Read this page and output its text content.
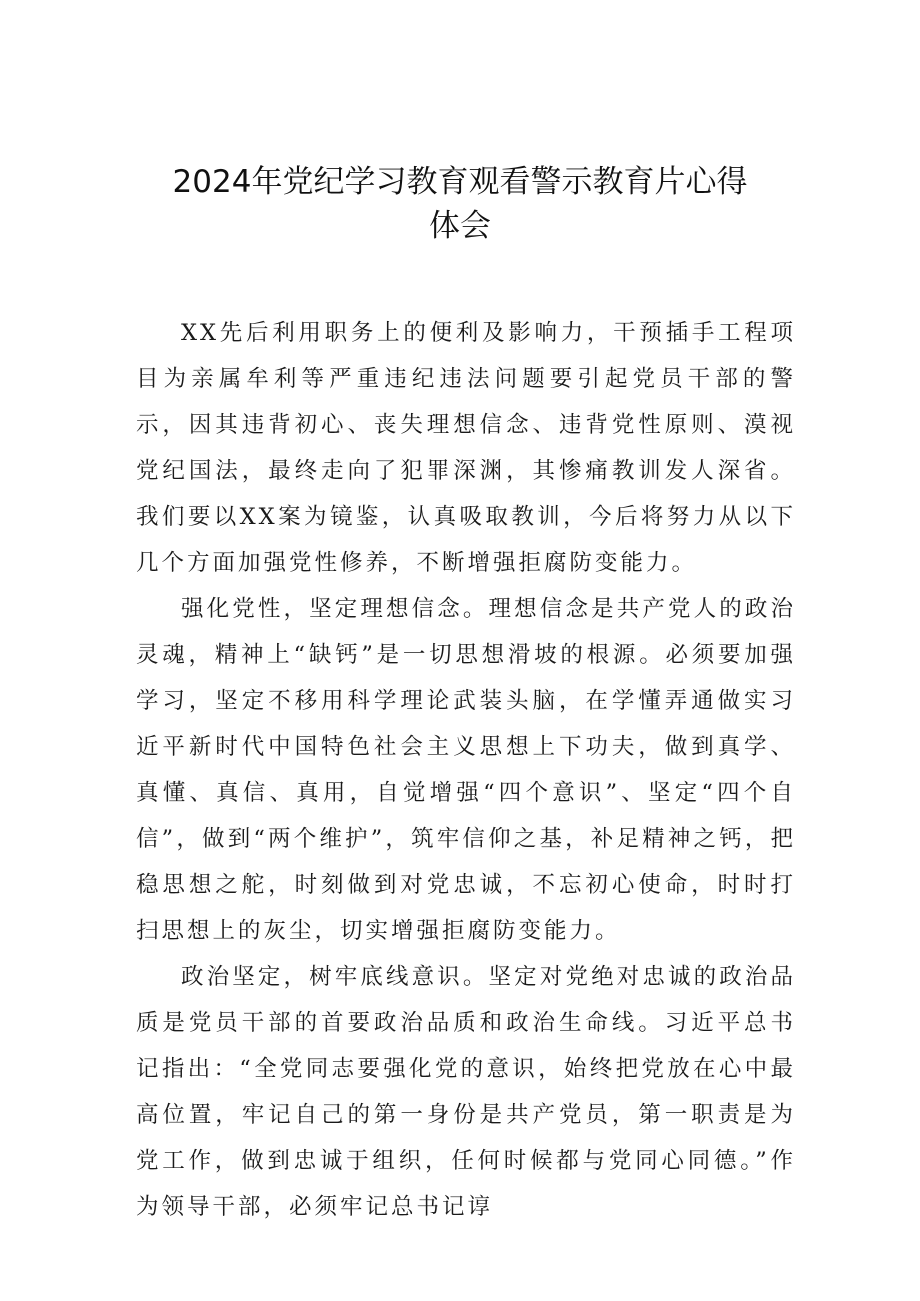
2024年党纪学习教育观看警示教育片心得
体会

XX先后利用职务上的便利及影响力，干预插手工程项目为亲属牟利等严重违纪违法问题要引起党员干部的警示，因其违背初心、丧失理想信念、违背党性原则、漠视党纪国法，最终走向了犯罪深渊，其惨痛教训发人深省。我们要以XX案为镜鉴，认真吸取教训，今后将努力从以下几个方面加强党性修养，不断增强拒腐防变能力。

强化党性，坚定理想信念。理想信念是共产党人的政治灵魂，精神上“缺钙”是一切思想滑坡的根源。必须要加强学习，坚定不移用科学理论武装头脑，在学懂弄通做实习近平新时代中国特色社会主义思想上下功夫，做到真学、真懂、真信、真用，自觉增强“四个意识”、坚定“四个自信”，做到“两个维护”，筑牢信仰之基，补足精神之钙，把稳思想之舵，时刻做到对党忠诚，不忘初心使命，时时打扫思想上的灰尘，切实增强拒腐防变能力。

政治坚定，树牢底线意识。坚定对党绝对忠诚的政治品质是党员干部的首要政治品质和政治生命线。习近平总书记指出：“全党同志要强化党的意识，始终把党放在心中最高位置，牢记自己的第一身份是共产党员，第一职责是为党工作，做到忠诚于组织，任何时候都与党同心同德。”作为领导干部，必须牢记总书记谆
